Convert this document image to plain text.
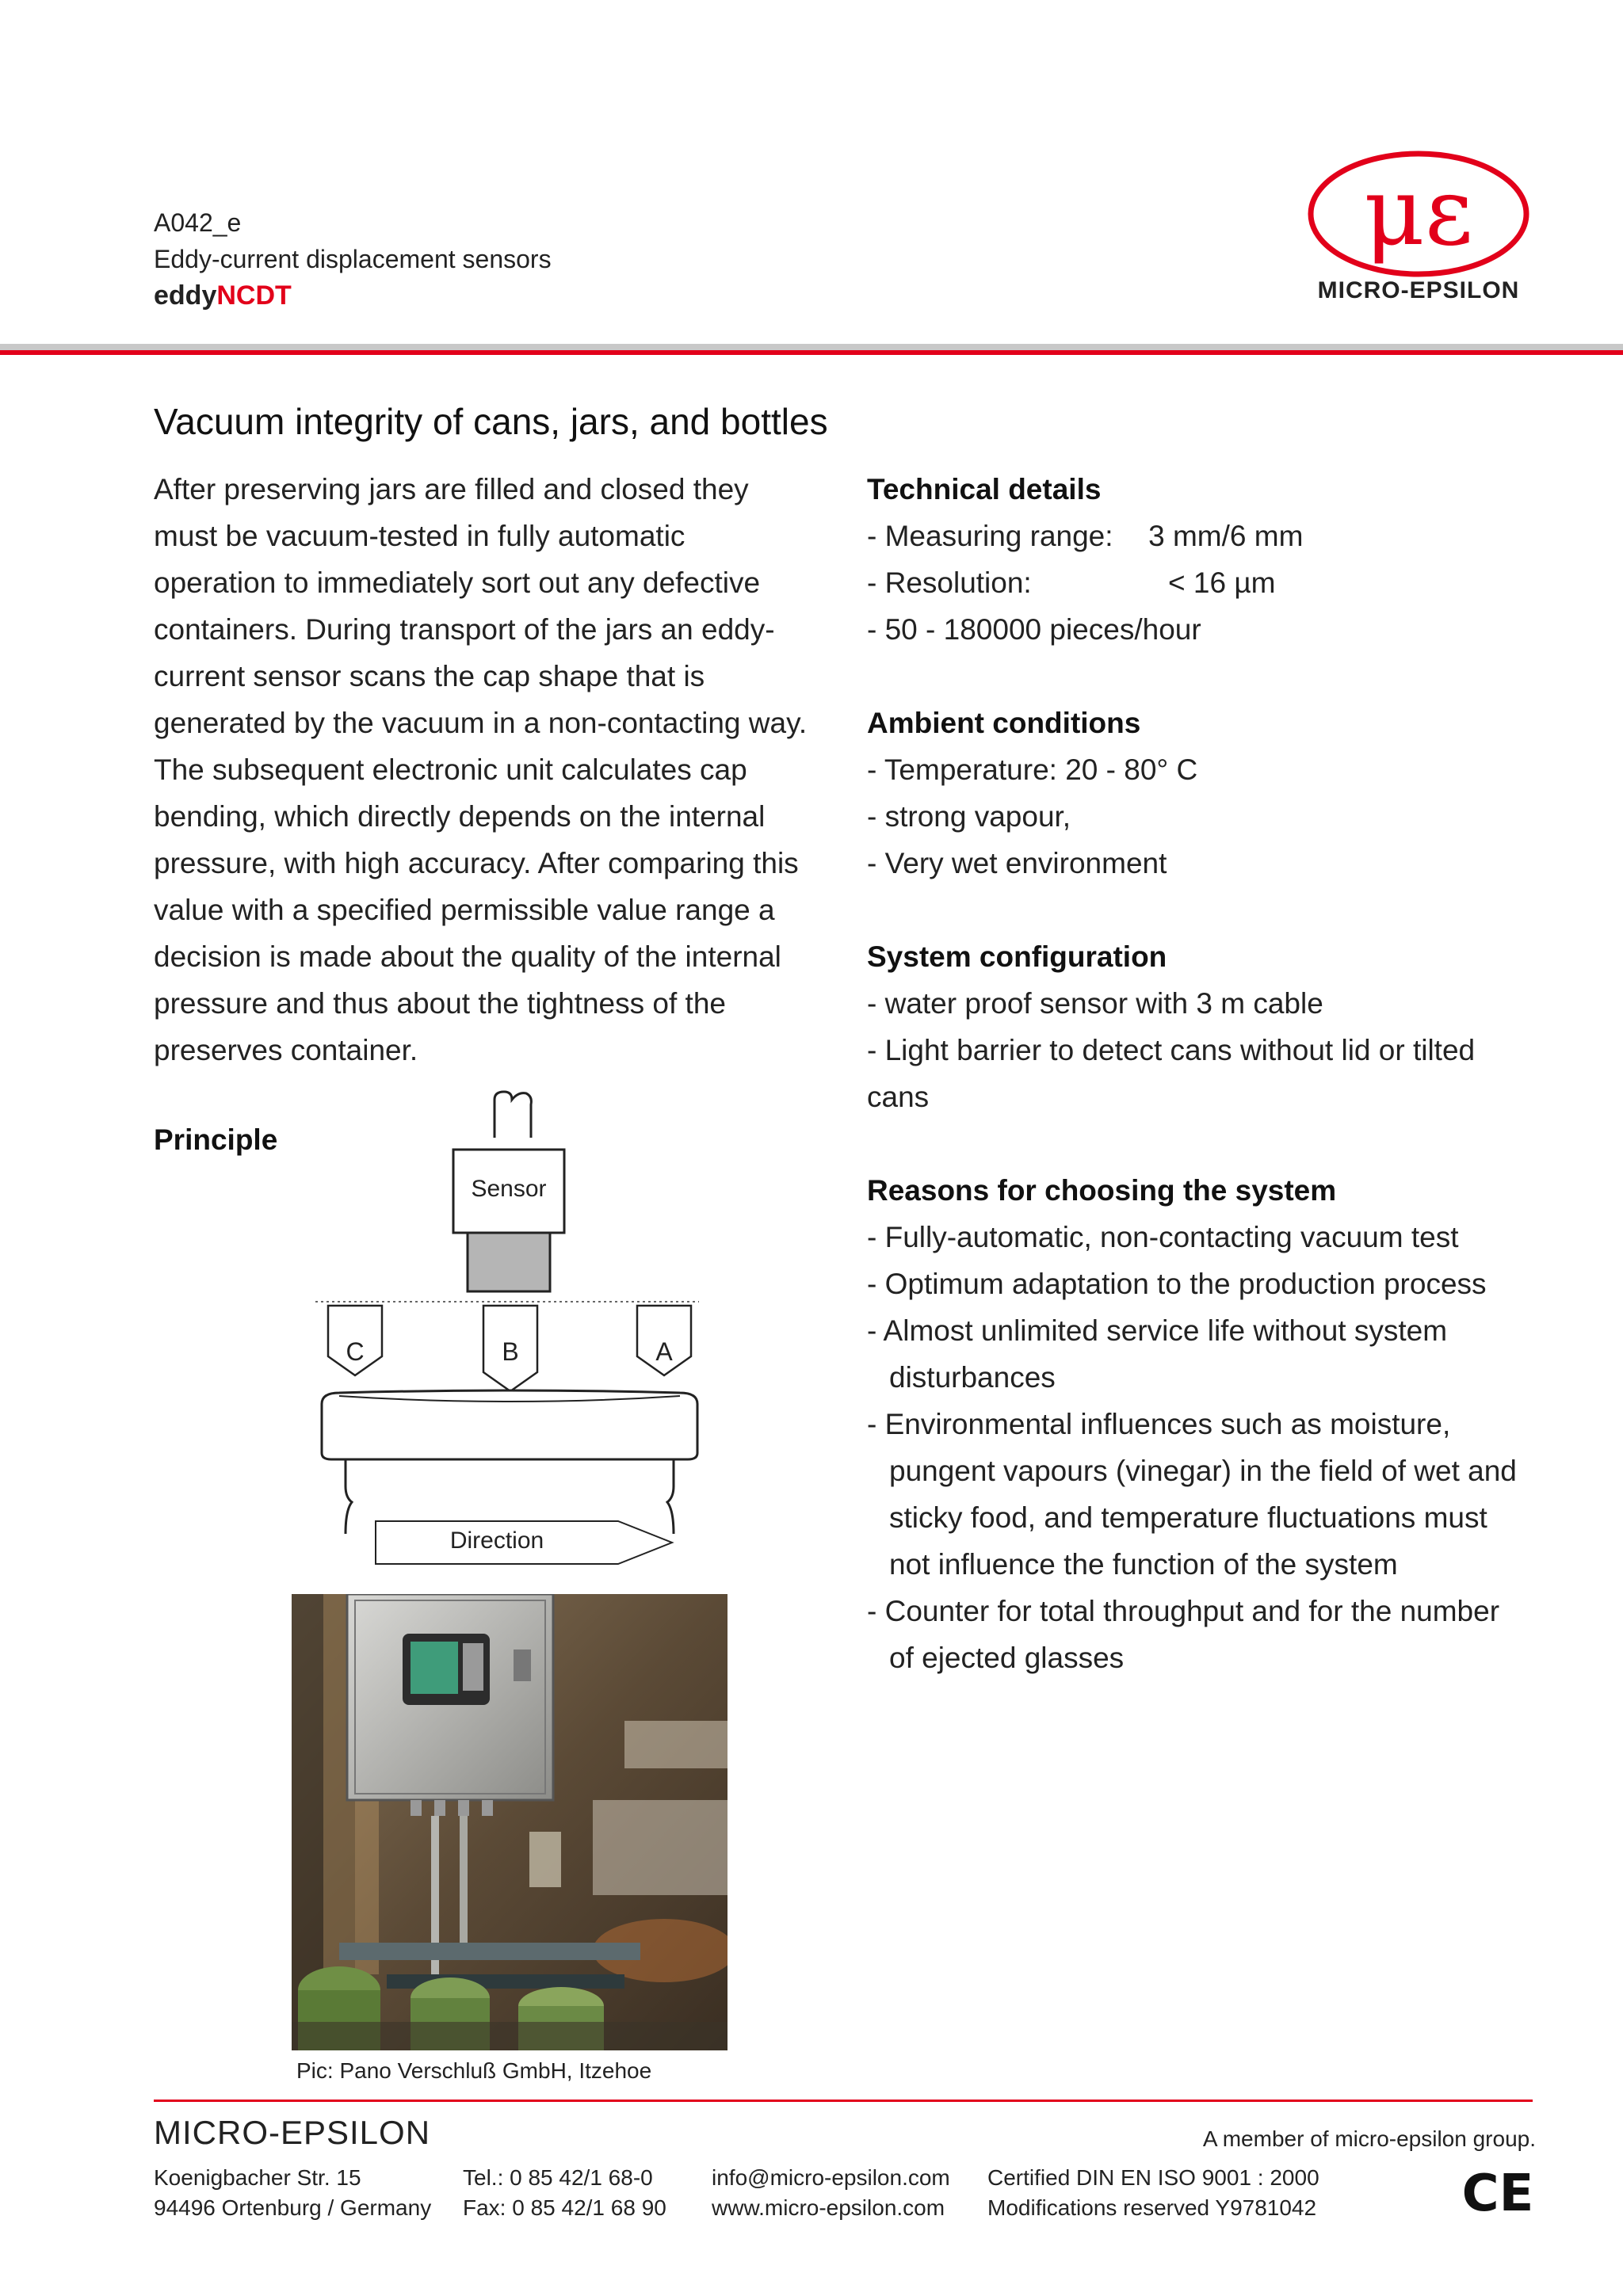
A042_e
Eddy-current displacement sensors
eddyNCDT
με
MICRO-EPSILON
Vacuum integrity of cans, jars, and bottles
After preserving jars are filled and closed they
must be vacuum-tested in fully automatic
operation to immediately sort out any defective
containers. During transport of the jars an eddy-
current sensor scans the cap shape that is
generated by the vacuum in a non-contacting way.
The subsequent electronic unit calculates cap
bending, which directly depends on the internal
pressure, with high accuracy. After comparing this
value with a specified permissible value range a
decision is made about the quality of the internal
pressure and thus about the tightness of the
preserves container.
Principle
Sensor
C	B	A
Direction
Pic: Pano Verschluß GmbH, Itzehoe
Technical details
- Measuring range: 3 mm/6 mm
- Resolution:	< 16 µm
- 50 - 180000 pieces/hour
Ambient conditions
- Temperature: 20 - 80° C
- strong vapour,
- Very wet environment
System configuration
- water proof sensor with 3 m cable
- Light barrier to detect cans without lid or tilted
cans
Reasons for choosing the system
- Fully-automatic, non-contacting vacuum test
- Optimum adaptation to the production process
- Almost unlimited service life without system
disturbances
- Environmental influences such as moisture,
pungent vapours (vinegar) in the field of wet and
sticky food, and temperature fluctuations must
not influence the function of the system
- Counter for total throughput and for the number
of ejected glasses
MICRO-EPSILON	A member of micro-epsilon group.
Koenigbacher Str. 15
94496 Ortenburg / Germany
Tel.: 0 85 42/1 68-0
Fax: 0 85 42/1 68 90
info@micro-epsilon.com
www.micro-epsilon.com
Certified DIN EN ISO 9001 : 2000
Modifications reserved Y9781042	CE
